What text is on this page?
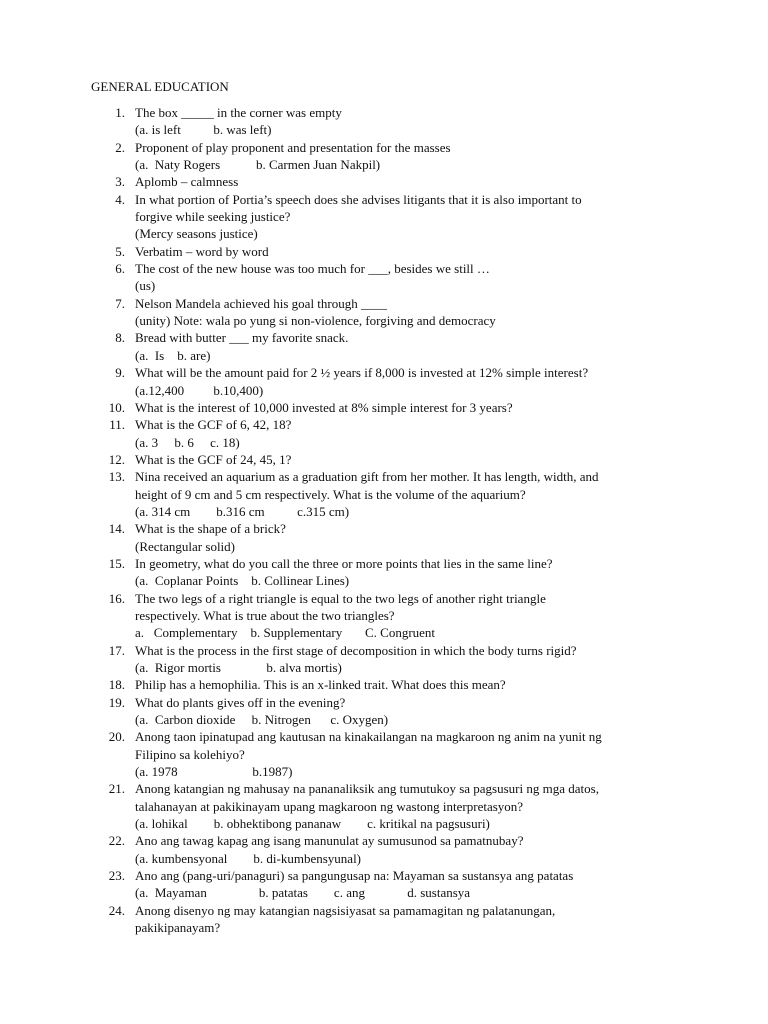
GENERAL EDUCATION
1. The box _____ in the corner was empty
(a. is left          b. was left)
2. Proponent of play proponent and presentation for the masses
(a.  Naty Rogers           b. Carmen Juan Nakpil)
3. Aplomb – calmness
4. In what portion of Portia’s speech does she advises litigants that it is also important to
forgive while seeking justice?
(Mercy seasons justice)
5. Verbatim – word by word
6. The cost of the new house was too much for ___, besides we still …
(us)
7. Nelson Mandela achieved his goal through ____
(unity) Note: wala po yung si non-violence, forgiving and democracy
8. Bread with butter ___ my favorite snack.
(a.  Is    b. are)
9. What will be the amount paid for 2 ½ years if 8,000 is invested at 12% simple interest?
(a.12,400         b.10,400)
10. What is the interest of 10,000 invested at 8% simple interest for 3 years?
11. What is the GCF of 6, 42, 18?
(a. 3     b. 6     c. 18)
12. What is the GCF of 24, 45, 1?
13. Nina received an aquarium as a graduation gift from her mother. It has length, width, and
height of 9 cm and 5 cm respectively. What is the volume of the aquarium?
(a. 314 cm        b.316 cm          c.315 cm)
14. What is the shape of a brick?
(Rectangular solid)
15. In geometry, what do you call the three or more points that lies in the same line?
(a.  Coplanar Points    b. Collinear Lines)
16. The two legs of a right triangle is equal to the two legs of another right triangle
respectively. What is true about the two triangles?
a.   Complementary    b. Supplementary       C. Congruent
17. What is the process in the first stage of decomposition in which the body turns rigid?
(a.  Rigor mortis              b. alva mortis)
18. Philip has a hemophilia. This is an x-linked trait. What does this mean?
19. What do plants gives off in the evening?
(a.  Carbon dioxide     b. Nitrogen      c. Oxygen)
20. Anong taon ipinatupad ang kautusan na kinakailangan na magkaroon ng anim na yunit ng
Filipino sa kolehiyo?
(a. 1978                       b.1987)
21. Anong katangian ng mahusay na pananaliksik ang tumutukoy sa pagsusuri ng mga datos,
talahanayan at pakikinayam upang magkaroon ng wastong interpretasyon?
(a. lohikal        b. obhektibong pananaw        c. kritikal na pagsusuri)
22. Ano ang tawag kapag ang isang manunulat ay sumusunod sa pamatnubay?
(a. kumbensyonal        b. di-kumbensyunal)
23. Ano ang (pang-uri/panaguri) sa pangungusap na: Mayaman sa sustansya ang patatas
(a.  Mayaman                b. patatas        c. ang             d. sustansya
24. Anong disenyo ng may katangian nagsisiyasat sa pamamagitan ng palatanungan,
pakikipanayam?
